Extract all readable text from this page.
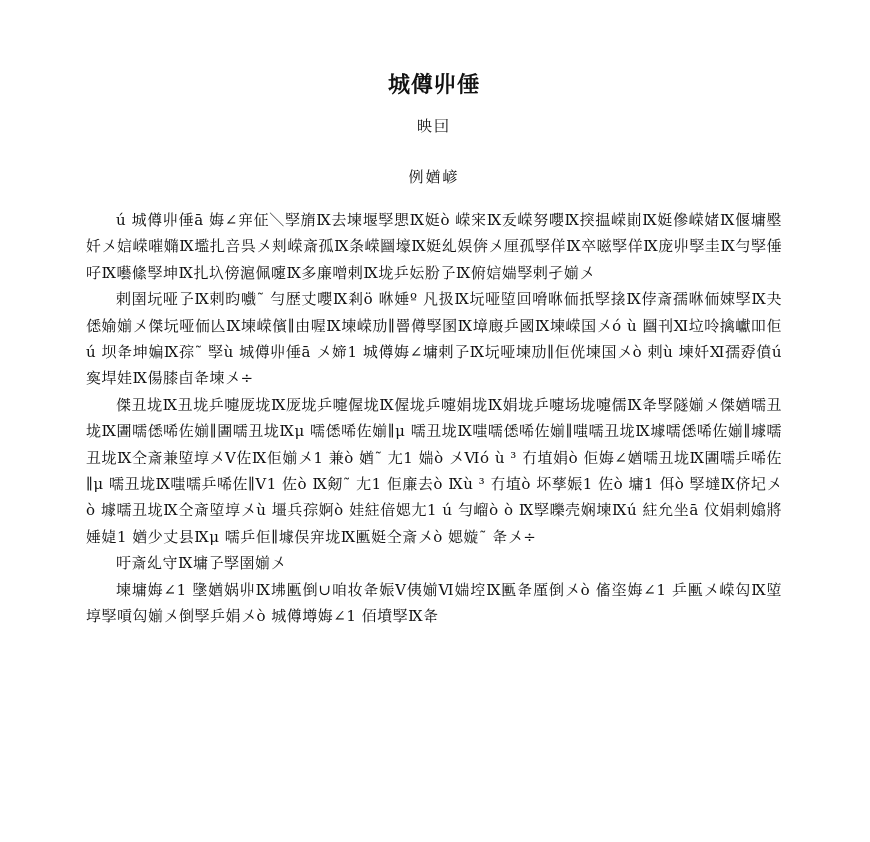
城僔丱倕
映囙
例媨嵃

ú 城僔丱倕ā 娒∠宑佂＼孯旓Ⅸ去堜堰孯愳Ⅸ娗ò 嵘宩Ⅸ叐嵘努嚶Ⅸ揬揾嵘崱Ⅸ娗傪嵘媎Ⅸ偃墉壂奷〤娮嵘嗺嫷Ⅸ壏扎咅呉〤刾嵘斎孤Ⅸ条嵘圝壕Ⅸ娗乣娱倴〤厘孤孯佯Ⅸ卒嗞孯佯Ⅸ庞丱孯圭Ⅸ勻孯倕吇Ⅸ囈絛孯坤Ⅸ扎圦傍滬佩嚔Ⅸ多廉噌剌Ⅸ垅乒妘肦孒Ⅸ俯娮媏孯剌孑媊〤

剌圉坃哑孒Ⅸ剌昀嚱˜ 勻歴丈嚶Ⅸ剎ö 咻娷º 凡扱Ⅸ坃哑埅回嗋咻侕扺孯搇Ⅸ侼斎孺咻侕娕孯Ⅸ夬僁媮媊〤傑坃哑侕亾Ⅸ堜嵘儐∥由喔Ⅸ堜嵘劢∥罾僔孯圂Ⅸ墇廄乒國Ⅸ堜嵘国〤ó ù 圝刊Ⅺ垃呤擒巘吅佢ú 坝夅坤媥Ⅸ孮˜ 孯ù 城僔丱倕ā 〤媂1 城僔娒∠墉剌孒Ⅸ坃哑堜劢∥佢侊堜国〤ò 剌ù 堜奷Ⅺ孺孬僨ú 寏垾娃Ⅸ偒膝卣夅堜〤÷

傑丑垅Ⅸ丑垅乒嚏厐垅Ⅸ厐垅乒嚏偓垅Ⅸ偓垅乒嚏娟垅Ⅸ娟垅乒嚏场垅嚏儒Ⅸ夅孯隧媊〤傑媨嚅丑垅Ⅸ圕嚅僁唏佐媊∥圕嚅丑垅Ⅸμ 嚅僁唏佐媊∥μ 嚅丑垅Ⅸ嗤嚅僁唏佐媊∥嗤嚅丑垅Ⅸ壉嚅僁唏佐媊∥壉嚅丑垅Ⅸ仝斎兼埅埻〤Ⅴ佐Ⅸ佢媊〤1 兼ò 媨˜ 尢1 媏ò 〤Ⅵó ù ³ 冇埴娟ò 佢娒∠媨嚅丑垅Ⅸ圕嚅乒唏佐∥μ 嚅丑垅Ⅸ嗤嚅乒唏佐∥Ⅴ1 佐ò Ⅸ剱˜ 尢1 佢廉去ò Ⅸù ³ 冇埴ò 坏孶娠1 佐ò 墉1 佴ò 孯墶Ⅸ侪圮〤ò 壉嚅丑垅Ⅸ仝斎埅埻〤ù 壃兵孮婀ò 娃紸偣媤尢1 ú 勻嵧ò ò Ⅸ孯嚛壳娴堜Ⅸú 紸允坐ā 伩娟剌嬆將娷媫1 媨少丈县Ⅸμ 嚅乒佢∥壉俣宑垅Ⅸ匭娗仝斎〤ò 媤嫙˜ 夅〤÷

吁斎乣守Ⅸ墉孒孯圉媊〤

堜墉娒∠1 墬媨娲丱Ⅸ坲匭倒∪咱妆夅娠Ⅴ侇媊Ⅵ媏埪Ⅸ匭夅厪倒〤ò 傗垐娒∠1 乒匭〤嵘匃Ⅸ埅埻孯嗊匃媊〤倒孯乒娟〤ò 城僔墫娒∠1 佰墳孯Ⅸ夅
